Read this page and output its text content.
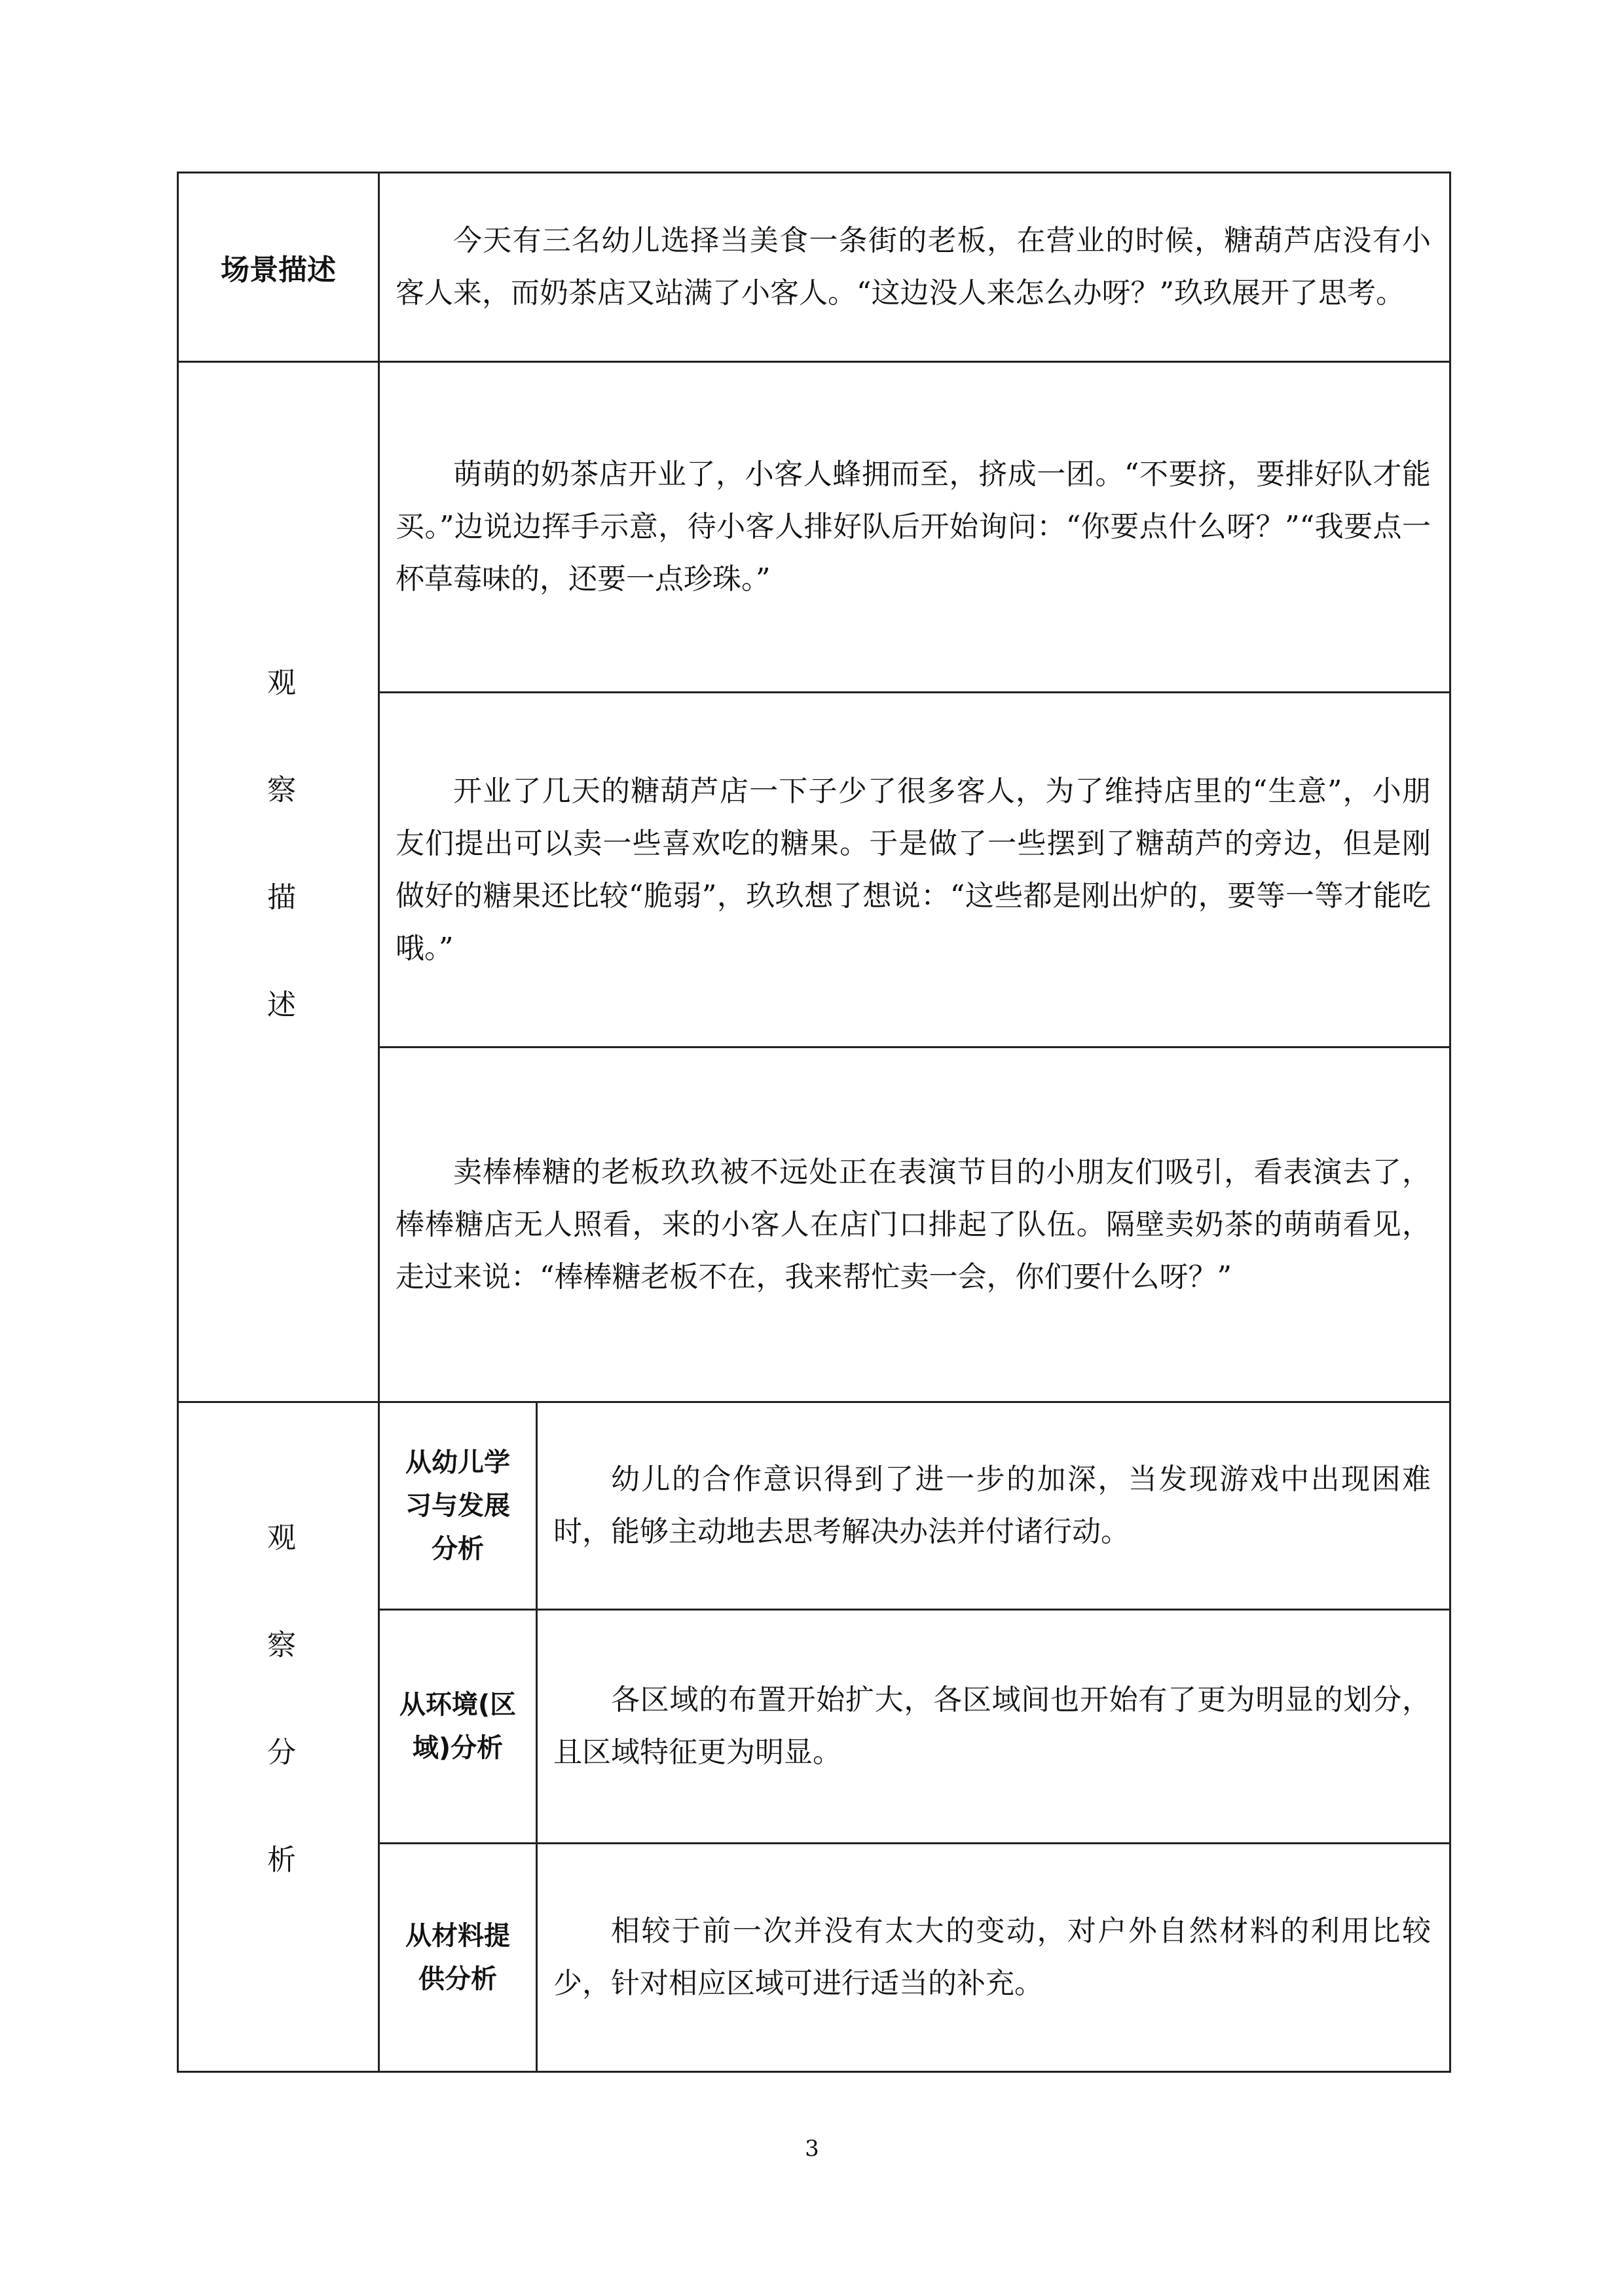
场景描述

今天有三名幼儿选择当美食一条街的老板，在营业的时候，糖葫芦店没有小客人来，而奶茶店又站满了小客人。“这边没人来怎么办呀？”玖玖展开了思考。

观察描述

萌萌的奶茶店开业了，小客人蜂拥而至，挤成一团。“不要挤，要排好队才能买。”边说边挥手示意，待小客人排好队后开始询问：“你要点什么呀？”“我要点一杯草莓味的，还要一点珍珠。”

开业了几天的糖葫芦店一下子少了很多客人，为了维持店里的“生意”，小朋友们提出可以卖一些喜欢吃的糖果。于是做了一些摆到了糖葫芦的旁边，但是刚做好的糖果还比较“脆弱”，玖玖想了想说：“这些都是刚出炉的，要等一等才能吃哦。”

卖棒棒糖的老板玖玖被不远处正在表演节目的小朋友们吸引，看表演去了，棒棒糖店无人照看，来的小客人在店门口排起了队伍。隔壁卖奶茶的萌萌看见，走过来说：“棒棒糖老板不在，我来帮忙卖一会，你们要什么呀？”

观察分析
从幼儿学习与发展分析

幼儿的合作意识得到了进一步的加深，当发现游戏中出现困难时，能够主动地去思考解决办法并付诸行动。

从环境(区域)分析

各区域的布置开始扩大，各区域间也开始有了更为明显的划分，且区域特征更为明显。

从材料提供分析

相较于前一次并没有太大的变动，对户外自然材料的利用比较少，针对相应区域可进行适当的补充。

3
